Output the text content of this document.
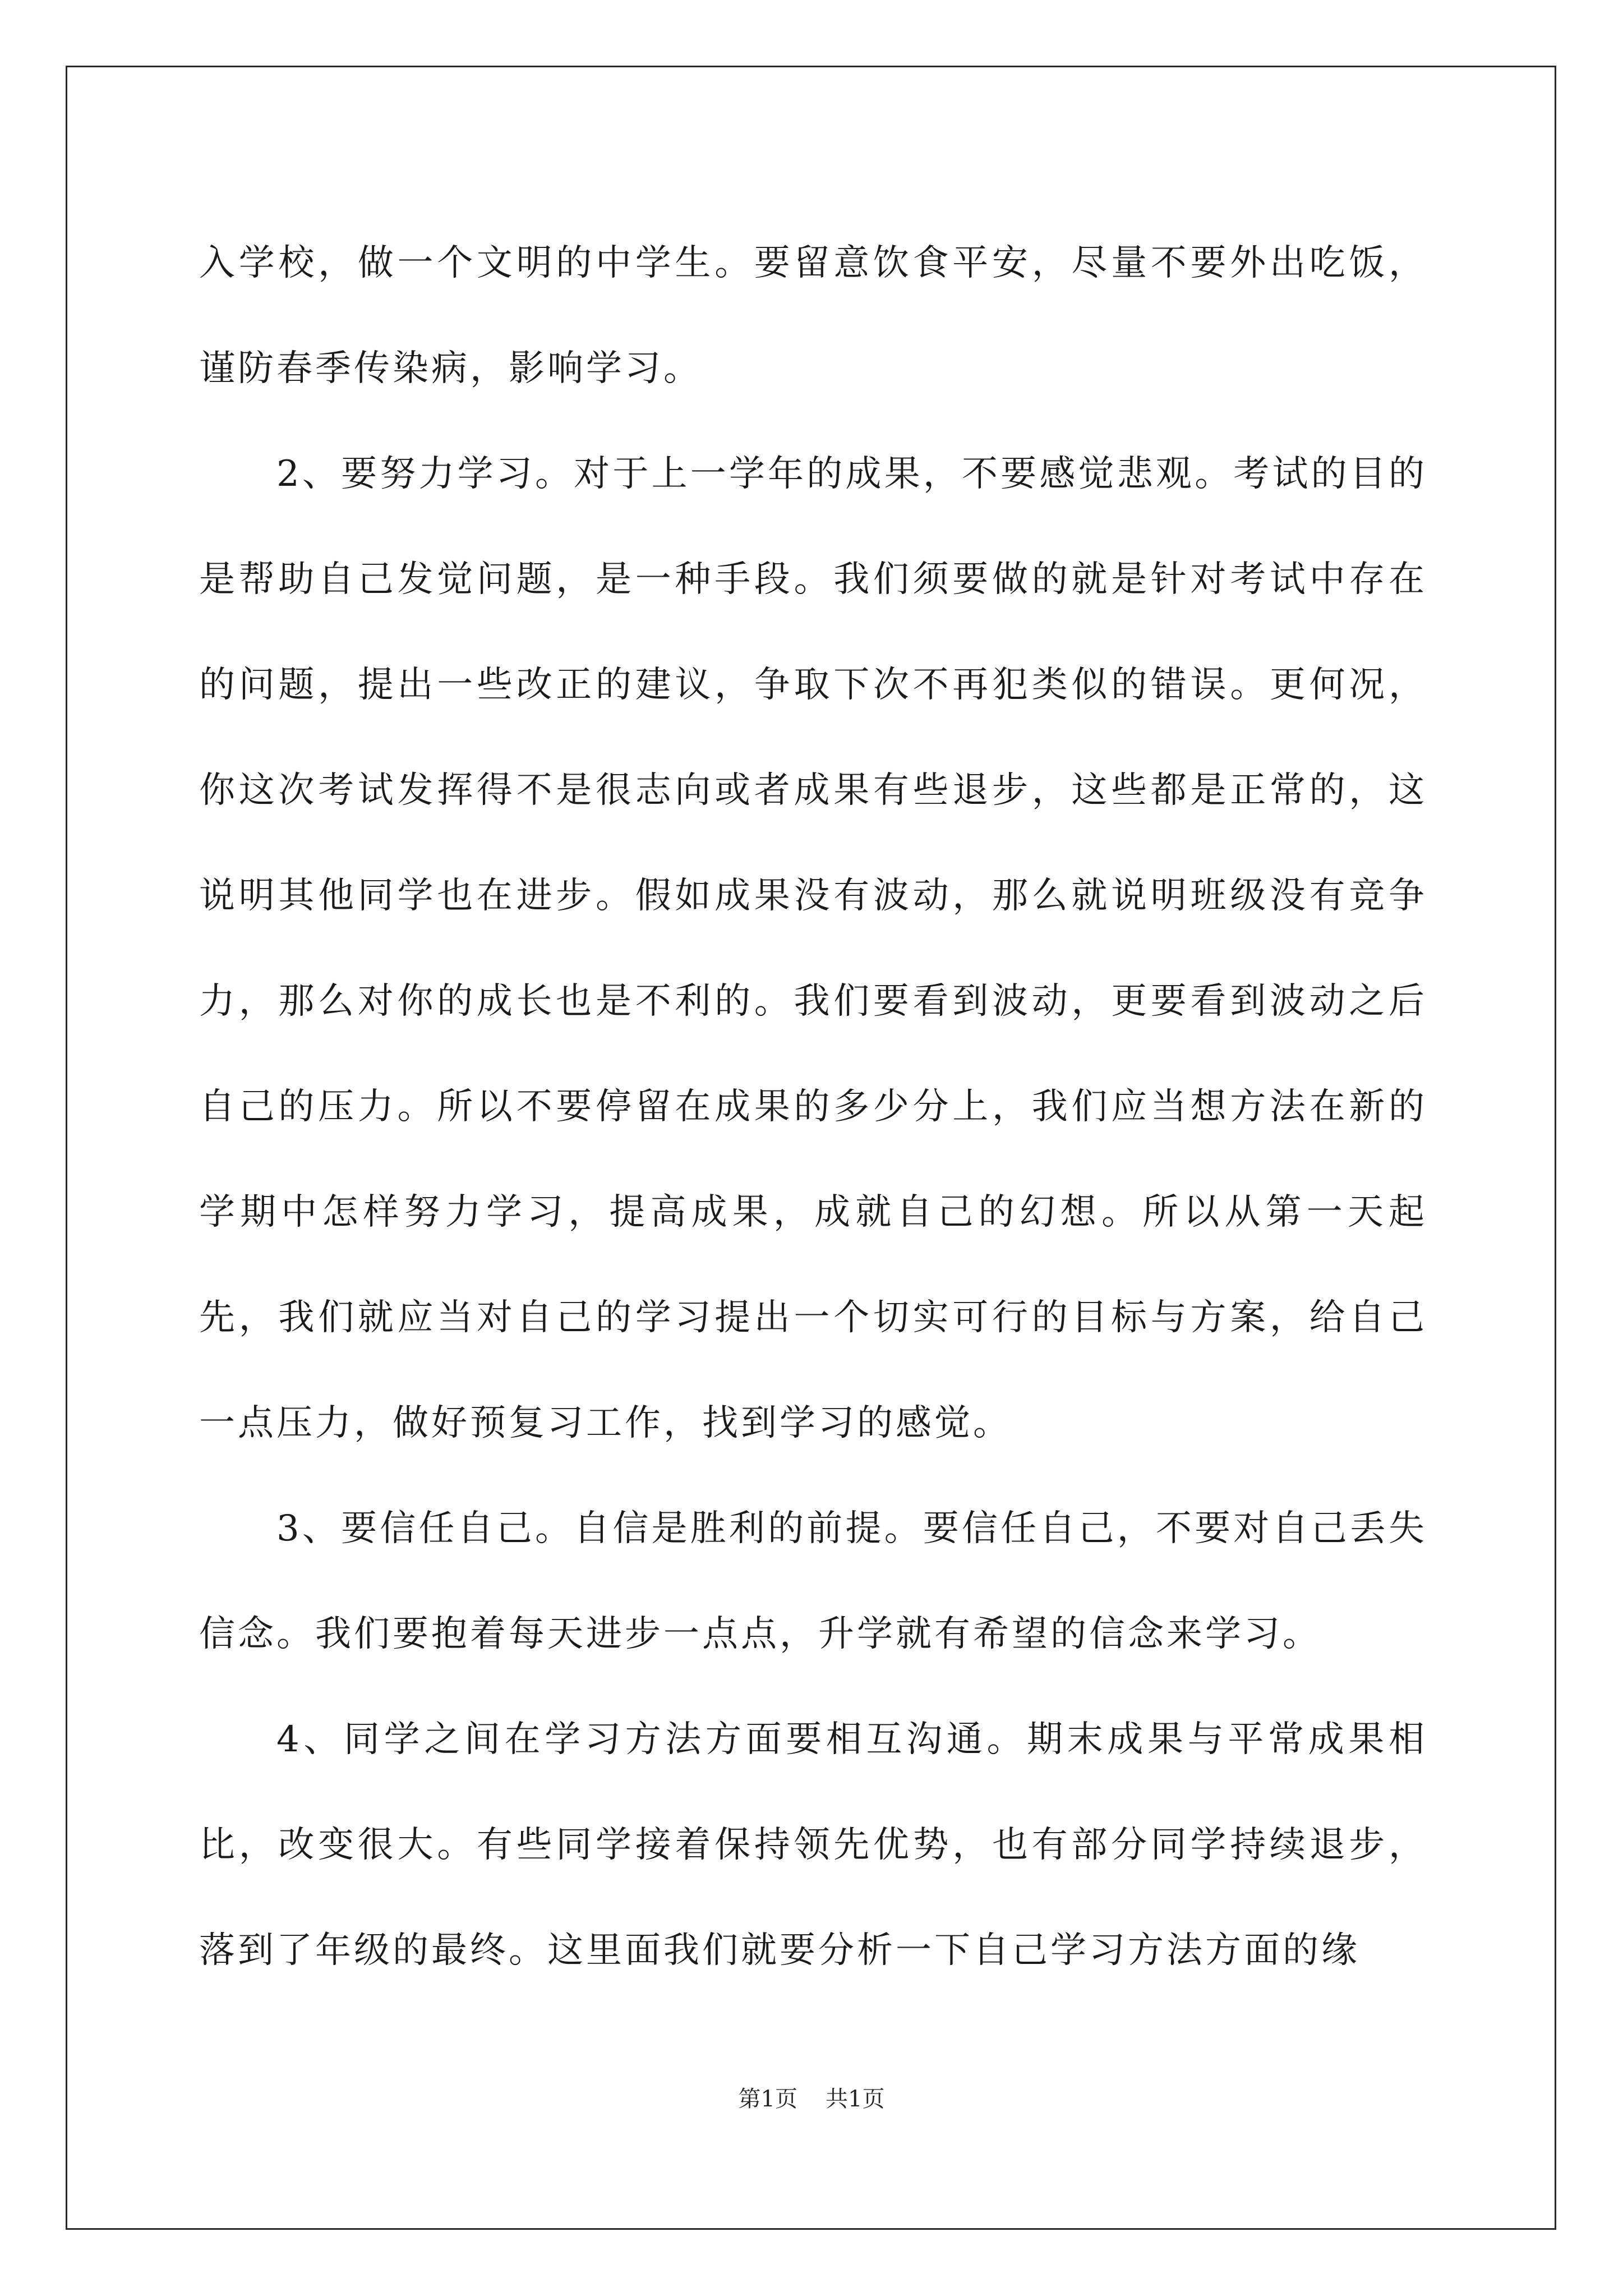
入学校，做一个文明的中学生。要留意饮食平安，尽量不要外出吃饭，谨防春季传染病，影响学习。

2、要努力学习。对于上一学年的成果，不要感觉悲观。考试的目的是帮助自己发觉问题，是一种手段。我们须要做的就是针对考试中存在的问题，提出一些改正的建议，争取下次不再犯类似的错误。更何况，你这次考试发挥得不是很志向或者成果有些退步，这些都是正常的，这说明其他同学也在进步。假如成果没有波动，那么就说明班级没有竞争力，那么对你的成长也是不利的。我们要看到波动，更要看到波动之后自己的压力。所以不要停留在成果的多少分上，我们应当想方法在新的学期中怎样努力学习，提高成果，成就自己的幻想。所以从第一天起先，我们就应当对自己的学习提出一个切实可行的目标与方案，给自己一点压力，做好预复习工作，找到学习的感觉。

3、要信任自己。自信是胜利的前提。要信任自己，不要对自己丢失信念。我们要抱着每天进步一点点，升学就有希望的信念来学习。

4、同学之间在学习方法方面要相互沟通。期末成果与平常成果相比，改变很大。有些同学接着保持领先优势，也有部分同学持续退步，落到了年级的最终。这里面我们就要分析一下自己学习方法方面的缘

第1页 共1页
